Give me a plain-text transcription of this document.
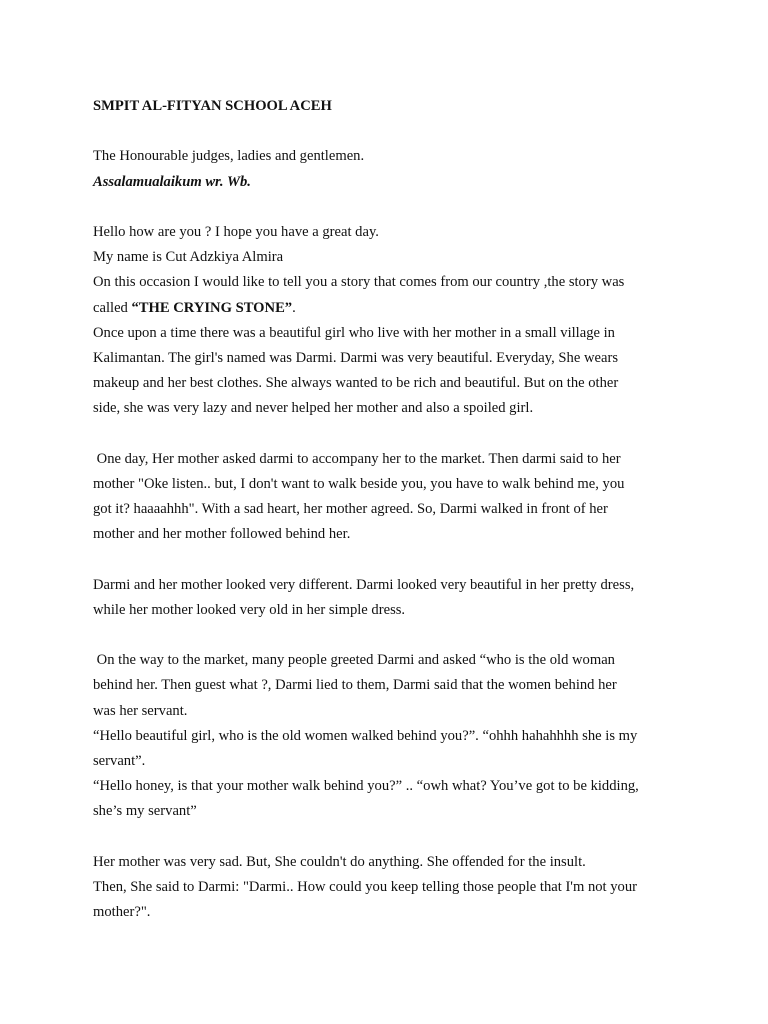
SMPIT AL-FITYAN SCHOOL ACEH
The Honourable judges, ladies and gentlemen.
Assalamualaikum wr. Wb.
Hello how are you ? I hope you have a great day.
My name is Cut Adzkiya Almira
On this occasion I would like to tell you a story that comes from our country ,the story was
called “THE CRYING STONE”.
Once upon a time there was a beautiful girl who live with her mother in a small village in
Kalimantan. The girl's named was Darmi. Darmi was very beautiful. Everyday, She wears
makeup and her best clothes. She always wanted to be rich and beautiful. But on the other
side, she was very lazy and never helped her mother and also a spoiled girl.
One day, Her mother asked darmi to accompany her to the market. Then darmi said to her
mother "Oke listen.. but, I don't want to walk beside you, you have to walk behind me, you
got it? haaaahhh". With a sad heart, her mother agreed. So, Darmi walked in front of her
mother and her mother followed behind her.
Darmi and her mother looked very different. Darmi looked very beautiful in her pretty dress,
while her mother looked very old in her simple dress.
On the way to the market, many people greeted Darmi and asked “who is the old woman
behind her. Then guest what ?, Darmi lied to them, Darmi said that the women behind her
was her servant.
“Hello beautiful girl, who is the old women walked behind you?”. “ohhh hahahhhh she is my
servant”.
“Hello honey, is that your mother walk behind you?” .. “owh what? You’ve got to be kidding,
she’s my servant”
Her mother was very sad. But, She couldn't do anything. She offended for the insult.
Then, She said to Darmi: "Darmi.. How could you keep telling those people that I'm not your
mother?".
